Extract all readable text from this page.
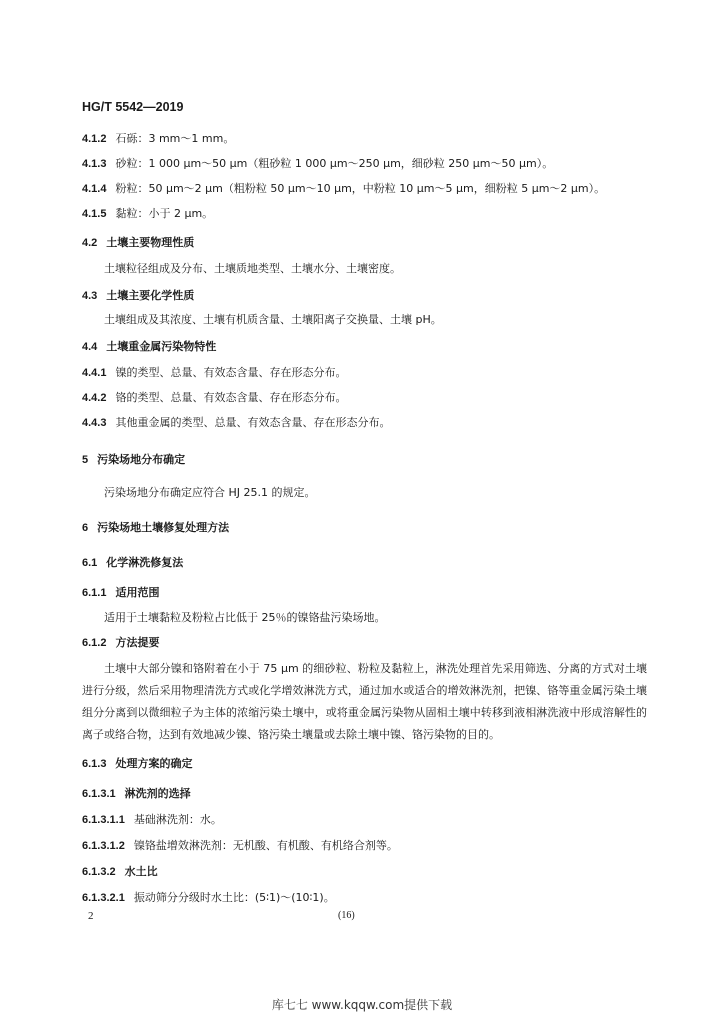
HG/T 5542—2019
4.1.2 石砾：3 mm～1 mm。
4.1.3 砂粒：1 000 μm～50 μm（粗砂粒 1 000 μm～250 μm，细砂粒 250 μm～50 μm）。
4.1.4 粉粒：50 μm～2 μm（粗粉粒 50 μm～10 μm，中粉粒 10 μm～5 μm，细粉粒 5 μm～2 μm）。
4.1.5 黏粒：小于 2 μm。
4.2 土壤主要物理性质
土壤粒径组成及分布、土壤质地类型、土壤水分、土壤密度。
4.3 土壤主要化学性质
土壤组成及其浓度、土壤有机质含量、土壤阳离子交换量、土壤 pH。
4.4 土壤重金属污染物特性
4.4.1 镍的类型、总量、有效态含量、存在形态分布。
4.4.2 铬的类型、总量、有效态含量、存在形态分布。
4.4.3 其他重金属的类型、总量、有效态含量、存在形态分布。
5 污染场地分布确定
污染场地分布确定应符合 HJ 25.1 的规定。
6 污染场地土壤修复处理方法
6.1 化学淋洗修复法
6.1.1 适用范围
适用于土壤黏粒及粉粒占比低于 25％的镍铬盐污染场地。
6.1.2 方法提要

土壤中大部分镍和铬附着在小于 75 μm 的细砂粒、粉粒及黏粒上，淋洗处理首先采用筛选、分离的方式对土壤进行分级，然后采用物理清洗方式或化学增效淋洗方式，通过加水或适合的增效淋洗剂，把镍、铬等重金属污染土壤组分分离到以微细粒子为主体的浓缩污染土壤中，或将重金属污染物从固相土壤中转移到液相淋洗液中形成溶解性的离子或络合物，达到有效地减少镍、铬污染土壤量或去除土壤中镍、铬污染物的目的。

6.1.3 处理方案的确定
6.1.3.1 淋洗剂的选择
6.1.3.1.1 基础淋洗剂：水。
6.1.3.1.2 镍铬盐增效淋洗剂：无机酸、有机酸、有机络合剂等。
6.1.3.2 水土比
6.1.3.2.1 振动筛分分级时水土比：(5∶1)～(10∶1)。
2	(16)
库七七 www.kqqw.com提供下载
